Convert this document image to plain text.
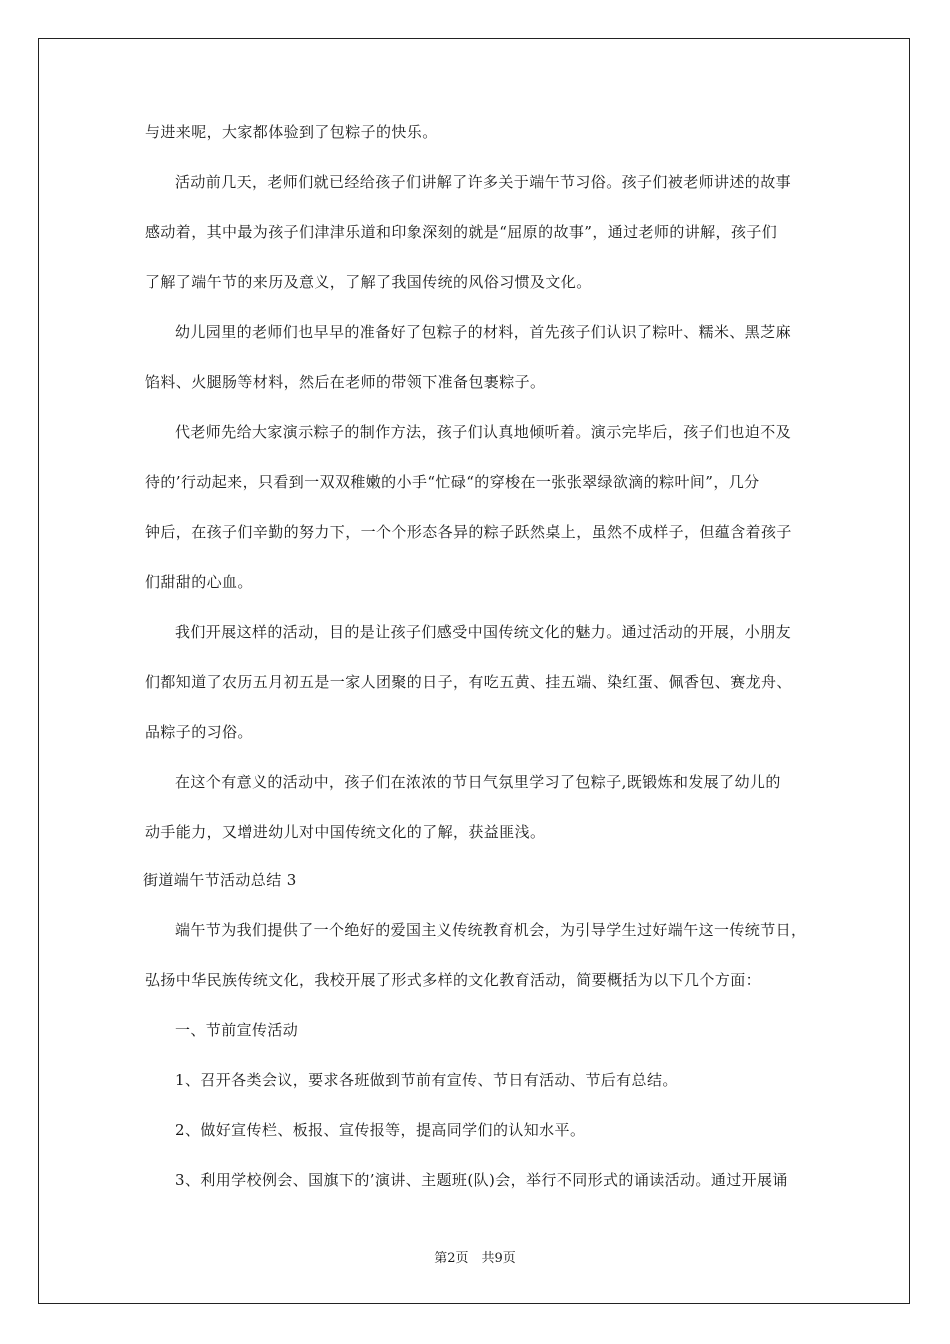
与进来呢，大家都体验到了包粽子的快乐。
活动前几天，老师们就已经给孩子们讲解了许多关于端午节习俗。孩子们被老师讲述的故事
感动着，其中最为孩子们津津乐道和印象深刻的就是“屈原的故事”，通过老师的讲解，孩子们
了解了端午节的来历及意义，了解了我国传统的风俗习惯及文化。
幼儿园里的老师们也早早的准备好了包粽子的材料，首先孩子们认识了粽叶、糯米、黑芝麻
馅料、火腿肠等材料，然后在老师的带领下准备包裹粽子。
代老师先给大家演示粽子的制作方法，孩子们认真地倾听着。演示完毕后，孩子们也迫不及
待的’行动起来，只看到一双双稚嫩的小手“忙碌“的穿梭在一张张翠绿欲滴的粽叶间”，几分
钟后，在孩子们辛勤的努力下，一个个形态各异的粽子跃然桌上，虽然不成样子，但蕴含着孩子
们甜甜的心血。
我们开展这样的活动，目的是让孩子们感受中国传统文化的魅力。通过活动的开展，小朋友
们都知道了农历五月初五是一家人团聚的日子，有吃五黄、挂五端、染红蛋、佩香包、赛龙舟、
品粽子的习俗。
在这个有意义的活动中，孩子们在浓浓的节日气氛里学习了包粽子,既锻炼和发展了幼儿的
动手能力，又增进幼儿对中国传统文化的了解，获益匪浅。
街道端午节活动总结 3
端午节为我们提供了一个绝好的爱国主义传统教育机会，为引导学生过好端午这一传统节日，
弘扬中华民族传统文化，我校开展了形式多样的文化教育活动，简要概括为以下几个方面：
一、节前宣传活动
1、召开各类会议，要求各班做到节前有宣传、节日有活动、节后有总结。
2、做好宣传栏、板报、宣传报等，提高同学们的认知水平。
3、利用学校例会、国旗下的’演讲、主题班(队)会，举行不同形式的诵读活动。通过开展诵
第2页　共9页
